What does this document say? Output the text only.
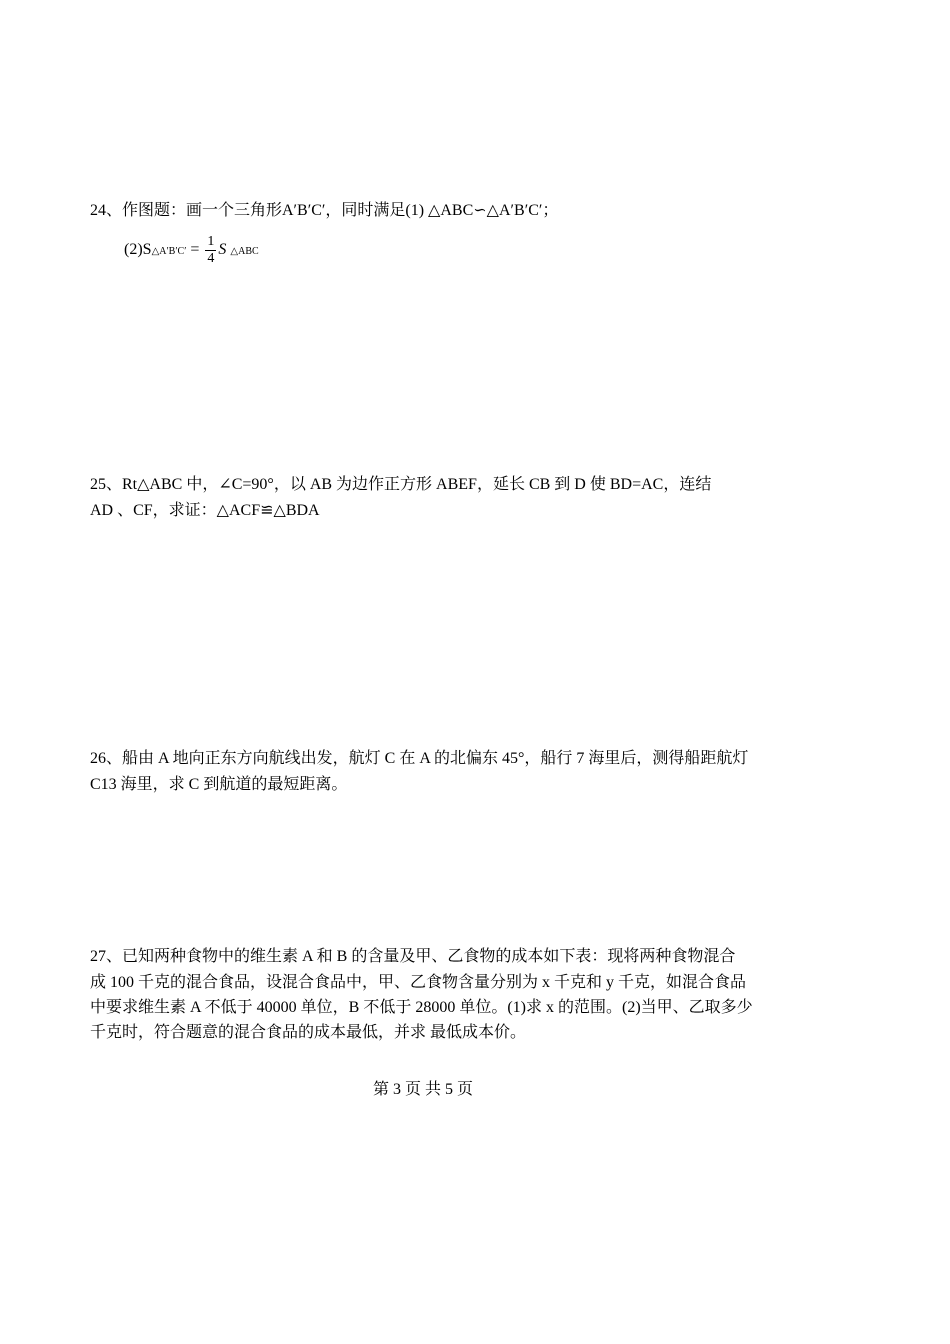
24、作图题：画一个三角形A′B′C′，同时满足(1) △ABC∽△A′B′C′；
(2)S△A′B′C′ = $\frac{1}{4}$ S △ABC
25、Rt△ABC 中，∠C=90°，以 AB 为边作正方形 ABEF，延长 CB 到 D 使 BD=AC，连结
AD 、CF，求证：△ACF≌△BDA
26、船由 A 地向正东方向航线出发，航灯 C 在 A 的北偏东 45°，船行 7 海里后，测得船距航灯
C13 海里，求 C 到航道的最短距离。
27、已知两种食物中的维生素 A 和 B 的含量及甲、乙食物的成本如下表：现将两种食物混合
成 100 千克的混合食品，设混合食品中，甲、乙食物含量分别为 x 千克和 y 千克，如混合食品
中要求维生素 A 不低于 40000 单位，B 不低于 28000 单位。(1)求 x 的范围。(2)当甲、乙取多少
千克时，符合题意的混合食品的成本最低，并求 最低成本价。
第 3 页 共 5 页
